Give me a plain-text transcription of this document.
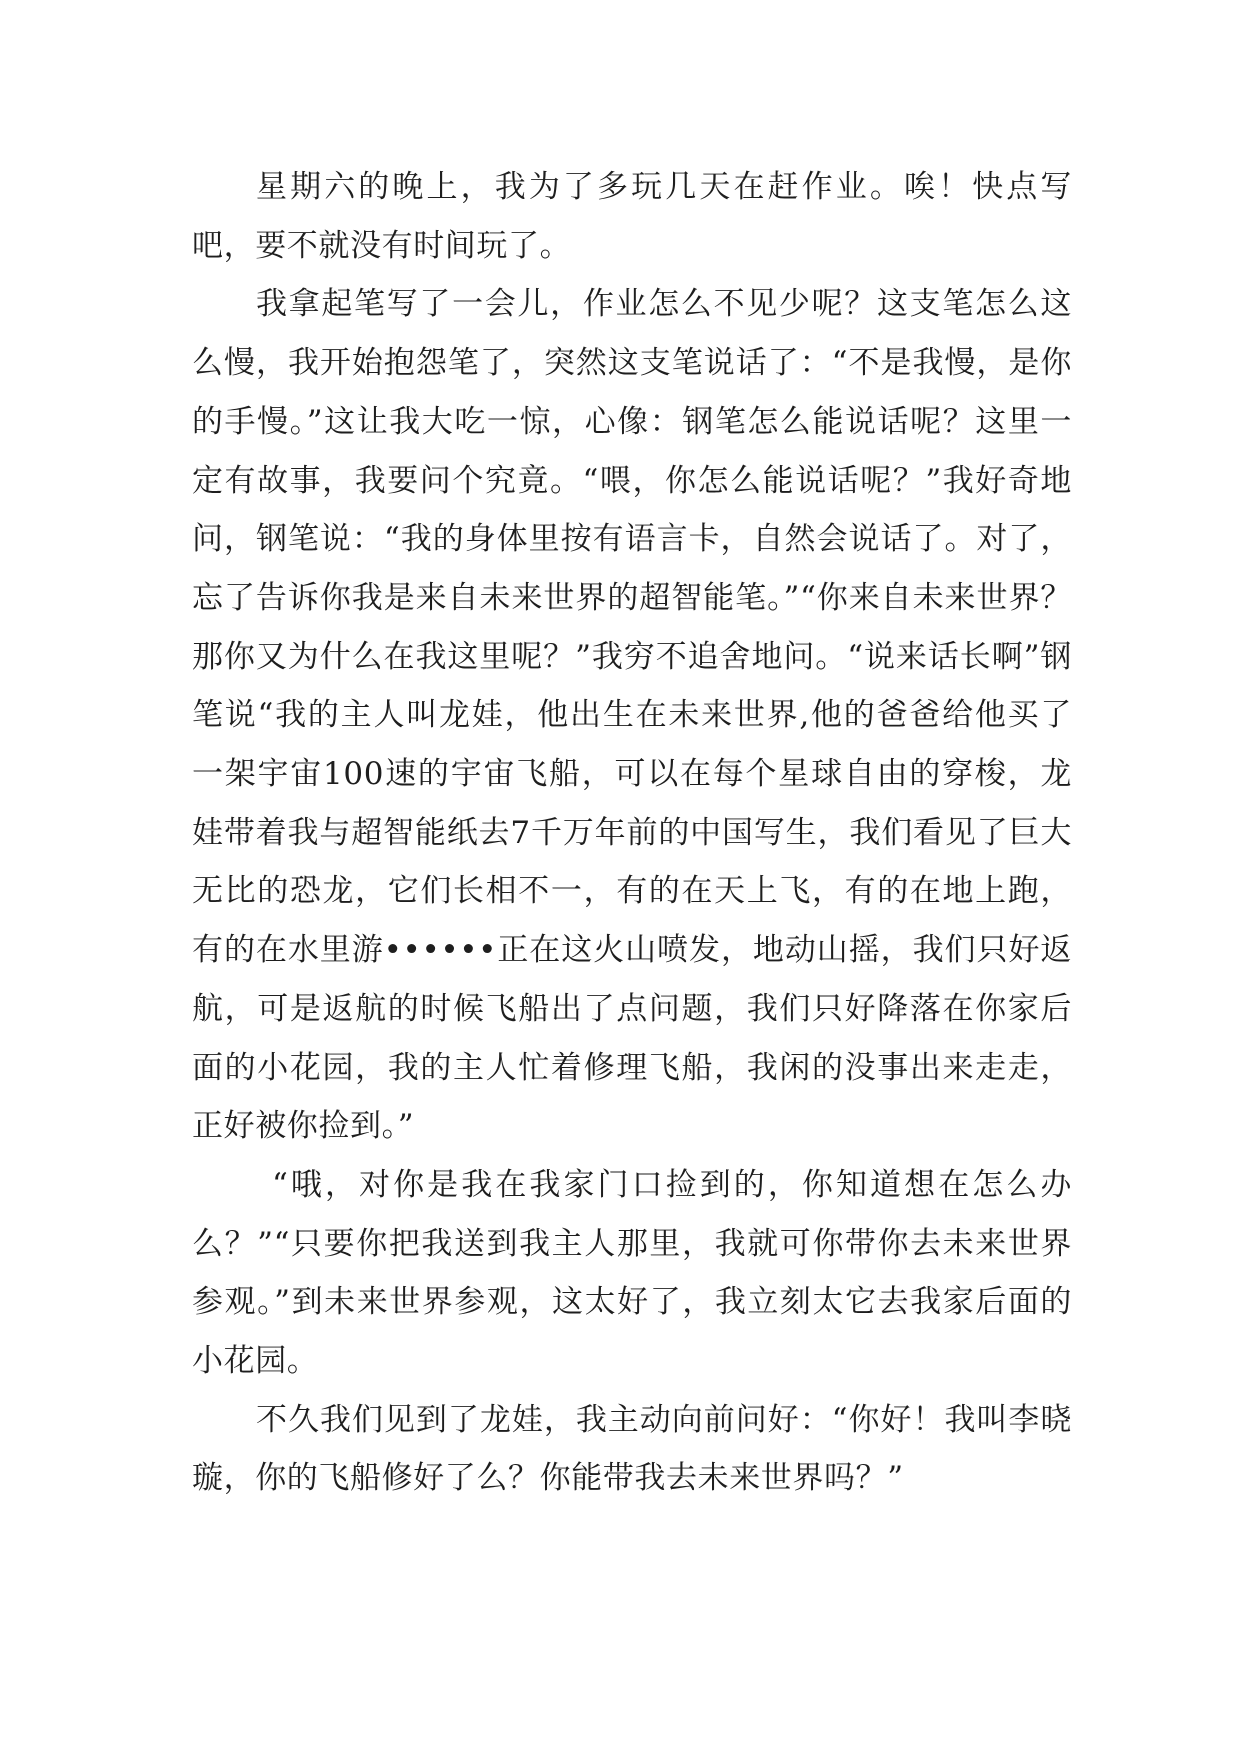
星期六的晚上，我为了多玩几天在赶作业。唉！快点写吧，要不就没有时间玩了。

我拿起笔写了一会儿，作业怎么不见少呢？这支笔怎么这么慢，我开始抱怨笔了，突然这支笔说话了：“不是我慢，是你的手慢。”这让我大吃一惊，心像：钢笔怎么能说话呢？这里一定有故事，我要问个究竟。“喂，你怎么能说话呢？”我好奇地问，钢笔说：“我的身体里按有语言卡，自然会说话了。对了，忘了告诉你我是来自未来世界的超智能笔。”“你来自未来世界？那你又为什么在我这里呢？”我穷不追舍地问。“说来话长啊”钢笔说“我的主人叫龙娃，他出生在未来世界,他的爸爸给他买了一架宇宙100速的宇宙飞船，可以在每个星球自由的穿梭，龙娃带着我与超智能纸去7千万年前的中国写生，我们看见了巨大无比的恐龙，它们长相不一，有的在天上飞，有的在地上跑，有的在水里游••••••正在这火山喷发，地动山摇，我们只好返航，可是返航的时候飞船出了点问题，我们只好降落在你家后面的小花园，我的主人忙着修理飞船，我闲的没事出来走走，正好被你捡到。”

“哦，对你是我在我家门口捡到的，你知道想在怎么办么？”“只要你把我送到我主人那里，我就可你带你去未来世界参观。”到未来世界参观，这太好了，我立刻太它去我家后面的小花园。

不久我们见到了龙娃，我主动向前问好：“你好！我叫李晓璇，你的飞船修好了么？你能带我去未来世界吗？”
